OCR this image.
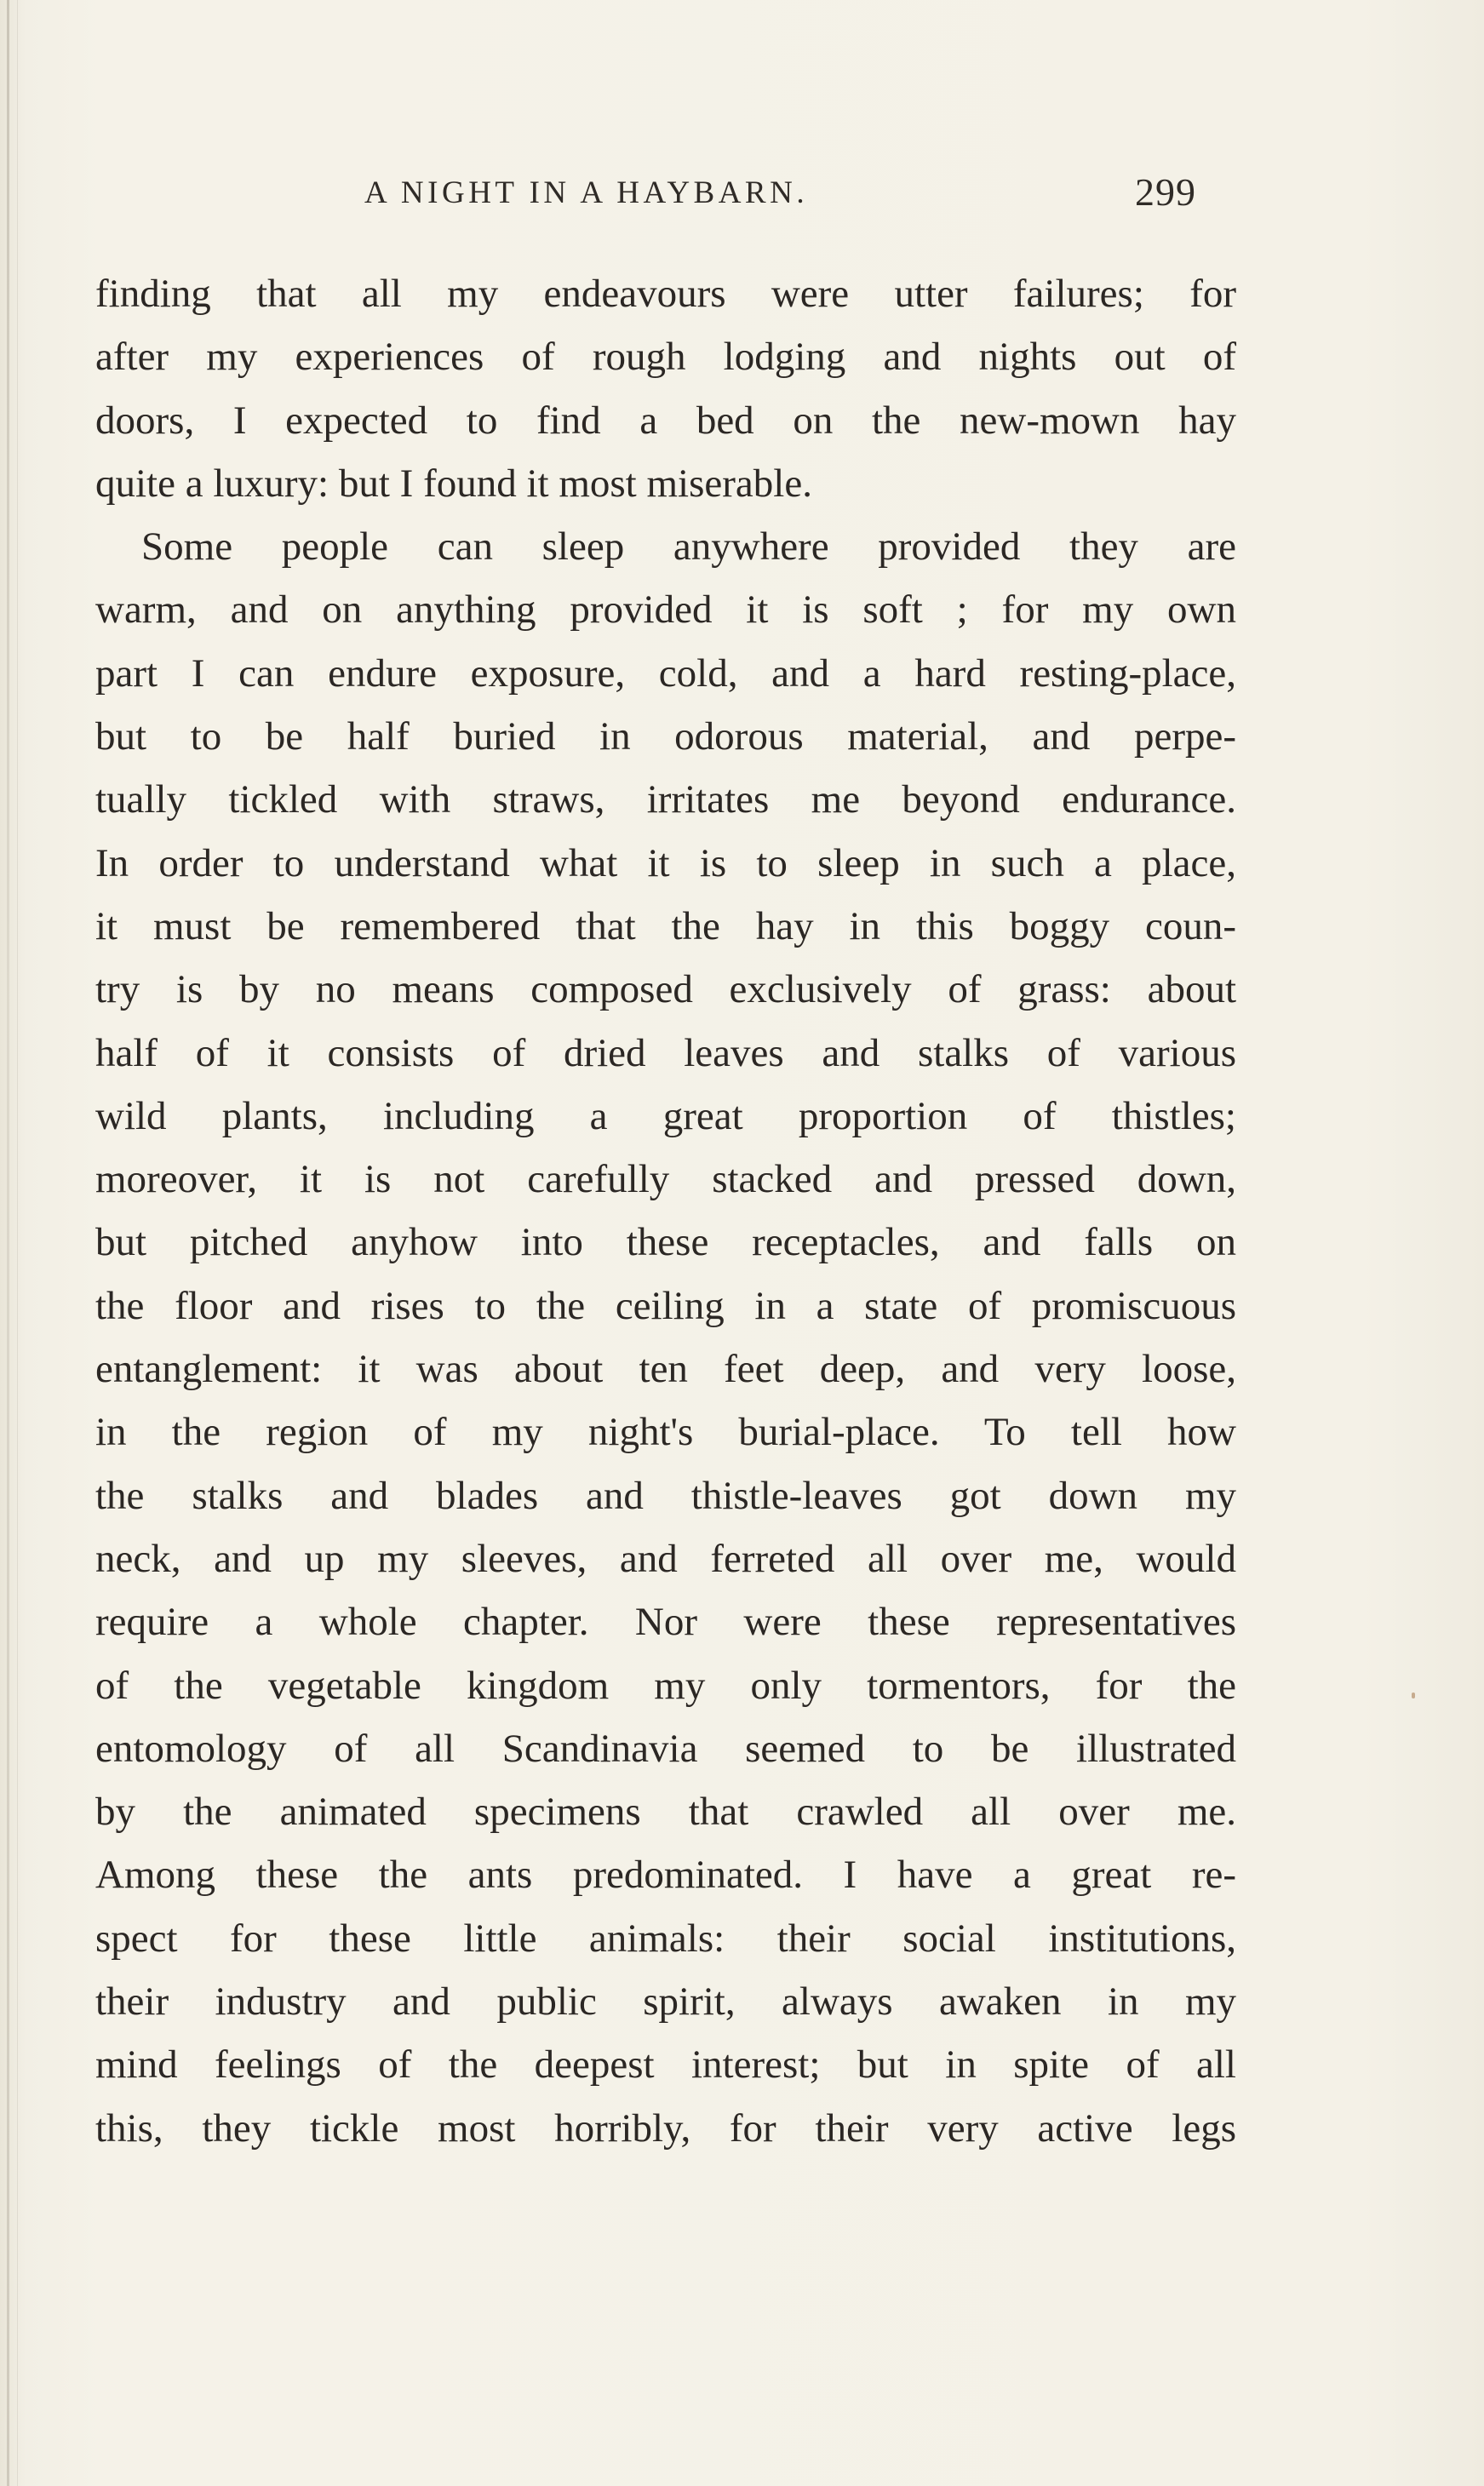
A NIGHT IN A HAYBARN.	299
finding that all my endeavours were utter failures; for
after my experiences of rough lodging and nights out of
doors, I expected to find a bed on the new-mown hay
quite a luxury: but I found it most miserable.
Some people can sleep anywhere provided they are
warm, and on anything provided it is soft ; for my own
part I can endure exposure, cold, and a hard resting-place,
but to be half buried in odorous material, and perpe-
tually tickled with straws, irritates me beyond endurance.
In order to understand what it is to sleep in such a place,
it must be remembered that the hay in this boggy coun-
try is by no means composed exclusively of grass: about
half of it consists of dried leaves and stalks of various
wild plants, including a great proportion of thistles;
moreover, it is not carefully stacked and pressed down,
but pitched anyhow into these receptacles, and falls on
the floor and rises to the ceiling in a state of promiscuous
entanglement: it was about ten feet deep, and very loose,
in the region of my night's burial-place. To tell how
the stalks and blades and thistle-leaves got down my
neck, and up my sleeves, and ferreted all over me, would
require a whole chapter. Nor were these representatives
of the vegetable kingdom my only tormentors, for the
entomology of all Scandinavia seemed to be illustrated
by the animated specimens that crawled all over me.
Among these the ants predominated. I have a great re-
spect for these little animals: their social institutions,
their industry and public spirit, always awaken in my
mind feelings of the deepest interest; but in spite of all
this, they tickle most horribly, for their very active legs
